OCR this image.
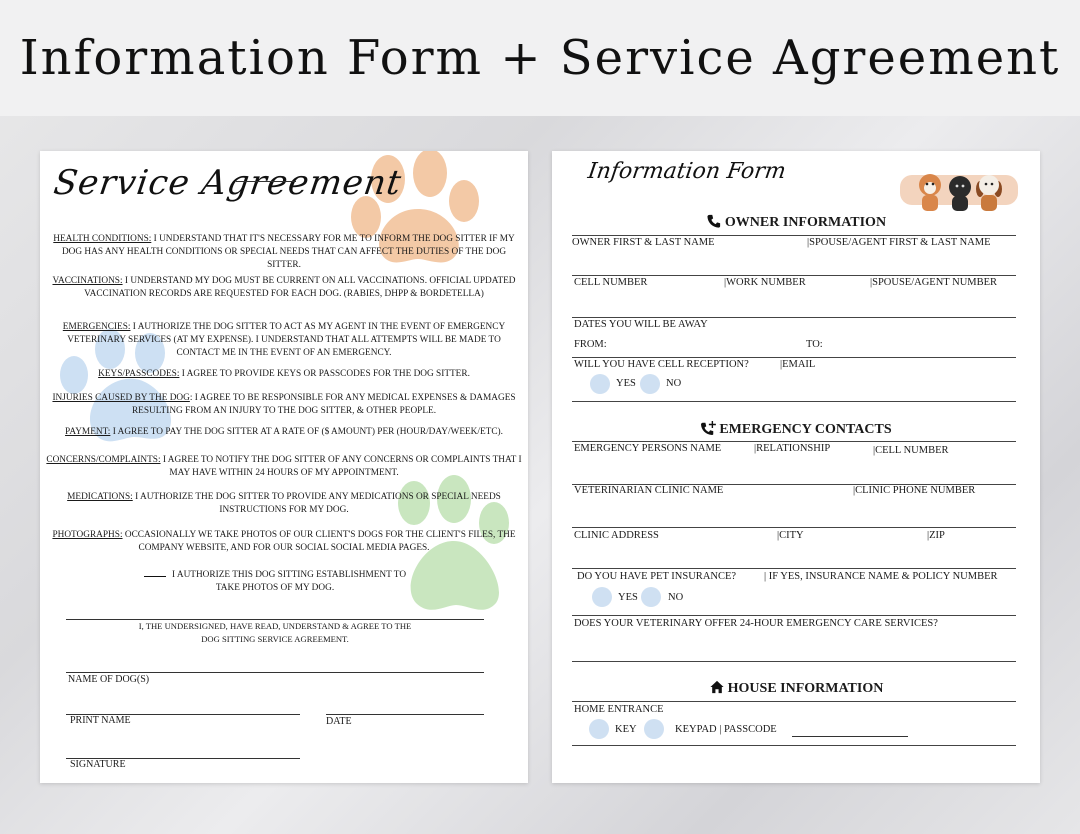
Information Form + Service Agreement
Service Agreement
HEALTH CONDITIONS: I UNDERSTAND THAT IT'S NECESSARY FOR ME TO INFORM THE DOG SITTER IF MY DOG HAS ANY HEALTH CONDITIONS OR SPECIAL NEEDS THAT CAN AFFECT THE DUTIES OF THE DOG SITTER.
VACCINATIONS: I UNDERSTAND MY DOG MUST BE CURRENT ON ALL VACCINATIONS. OFFICIAL UPDATED VACCINATION RECORDS ARE REQUESTED FOR EACH DOG. (RABIES, DHPP & BORDETELLA)
EMERGENCIES: I AUTHORIZE THE DOG SITTER TO ACT AS MY AGENT IN THE EVENT OF EMERGENCY VETERINARY SERVICES (AT MY EXPENSE). I UNDERSTAND THAT ALL ATTEMPTS WILL BE MADE TO CONTACT ME IN THE EVENT OF AN EMERGENCY.
KEYS/PASSCODES: I AGREE TO PROVIDE KEYS OR PASSCODES FOR THE DOG SITTER.
INJURIES CAUSED BY THE DOG: I AGREE TO BE RESPONSIBLE FOR ANY MEDICAL EXPENSES & DAMAGES RESULTING FROM AN INJURY TO THE DOG SITTER, & OTHER PEOPLE.
PAYMENT: I AGREE TO PAY THE DOG SITTER AT A RATE OF ($ AMOUNT) PER (HOUR/DAY/WEEK/ETC).
CONCERNS/COMPLAINTS: I AGREE TO NOTIFY THE DOG SITTER OF ANY CONCERNS OR COMPLAINTS THAT I MAY HAVE WITHIN 24 HOURS OF MY APPOINTMENT.
MEDICATIONS: I AUTHORIZE THE DOG SITTER TO PROVIDE ANY MEDICATIONS OR SPECIAL NEEDS INSTRUCTIONS FOR MY DOG.
PHOTOGRAPHS: OCCASIONALLY WE TAKE PHOTOS OF OUR CLIENT'S DOGS FOR THE CLIENT'S FILES, THE COMPANY WEBSITE, AND FOR OUR SOCIAL SOCIAL MEDIA PAGES.
I AUTHORIZE THIS DOG SITTING ESTABLISHMENT TO TAKE PHOTOS OF MY DOG.
I, THE UNDERSIGNED, HAVE READ, UNDERSTAND & AGREE TO THE DOG SITTING SERVICE AGREEMENT.
NAME OF DOG(S)
PRINT NAME	DATE
SIGNATURE
Information Form
OWNER INFORMATION
OWNER FIRST & LAST NAME	|SPOUSE/AGENT FIRST & LAST NAME
CELL NUMBER	|WORK NUMBER	|SPOUSE/AGENT NUMBER
DATES YOU WILL BE AWAY
FROM:	TO:
WILL YOU HAVE CELL RECEPTION?	|EMAIL
YES	NO
EMERGENCY CONTACTS
EMERGENCY PERSONS NAME	|RELATIONSHIP	|CELL NUMBER
VETERINARIAN CLINIC NAME	|CLINIC PHONE NUMBER
CLINIC ADDRESS	|CITY	|ZIP
DO YOU HAVE PET INSURANCE?	| IF YES, INSURANCE NAME & POLICY NUMBER
YES	NO
DOES YOUR VETERINARY OFFER 24-HOUR EMERGENCY CARE SERVICES?
HOUSE INFORMATION
HOME ENTRANCE
KEY	KEYPAD | PASSCODE
